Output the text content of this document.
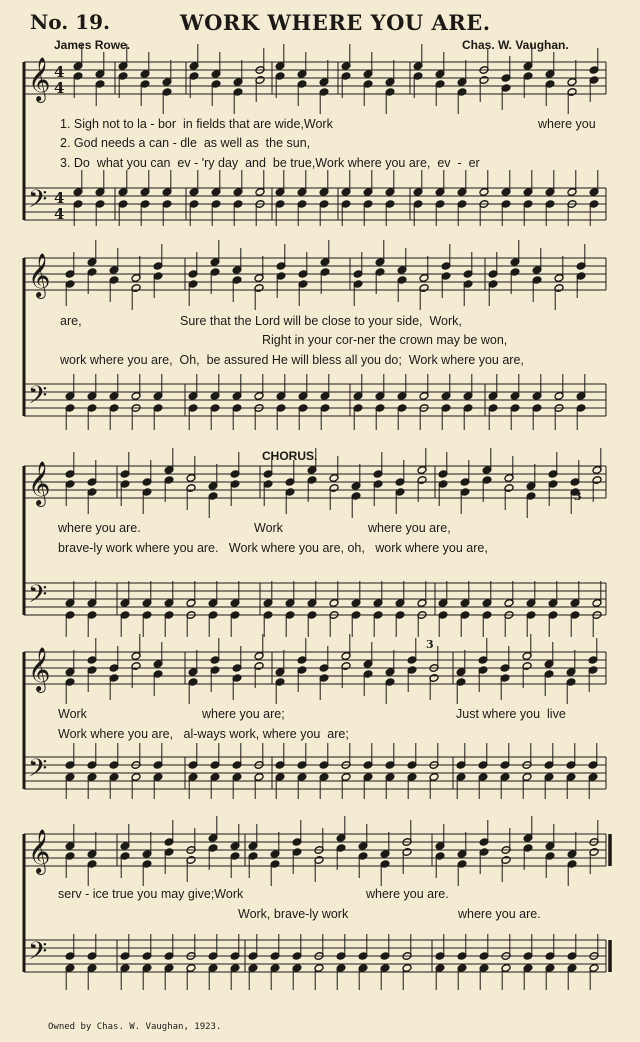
No. 19.	WORK WHERE YOU ARE.
James Rowe.	Chas. W. Vaughan.
𝄞
𝄢
𝄞
𝄢
𝄞
𝄢
𝄞
𝄢
𝄞
𝄢
4
4
4
4
3
3
1. Sigh not to la - bor  in fields that are wide,Work	where you
2. God needs a can - dle  as well as  the sun,
3. Do  what you can  ev - 'ry day  and  be true,Work where you are,  ev  -  er
are,	Sure that the Lord will be close to your side,  Work,
Right in your cor-ner the crown may be won,
work where you are,  Oh,  be assured He will bless all you do;  Work where you are,
CHORUS.
where you are.	Work	where you are,
brave-ly work where you are.   Work where you are, oh,   work where you are,
Work	where you are;	Just where you  live
Work where you are,   al-ways work, where you  are;
serv - ice true you may give;Work	where you are.
Work, brave-ly work	where you are.
Owned by Chas. W. Vaughan, 1923.
